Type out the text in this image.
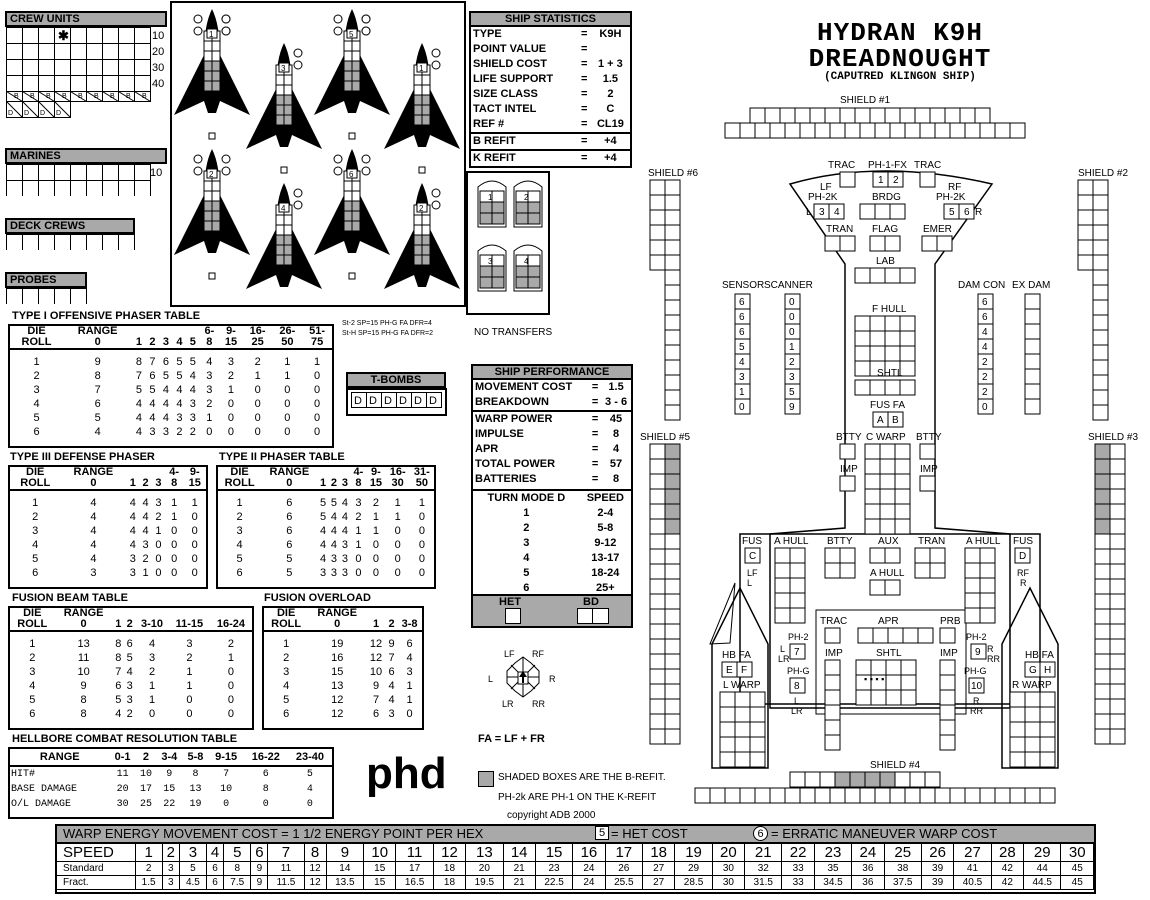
CREW UNITS
10
20
30
40
✱
B B B B B B B B B
D D D D
MARINES
10
DECK CREWS
PROBES
1
3
5
1
2
4
6
2
SHIP STATISTICS
TYPE	=	K9H
POINT VALUE	=	
SHIELD COST	=	1 + 3
LIFE SUPPORT	=	1.5
SIZE CLASS	=	2
TACT INTEL	=	C
REF #	=	CL19
B REFIT	=	+4
K REFIT	=	+4
1	2
3	4
St-2 SP=15 PH-G FA DFR=4
St-H SP=15 PH-G FA DFR=2	NO TRANSFERS
T-BOMBS
D D D D D D
TYPE I OFFENSIVE PHASER TABLE
DIE	RANGE						6-	9-	16-	26-	51-
ROLL	0	1	2	3	4	5	8	15	25	50	75

1	9	8	7	6	5	5	4	3	2	1	1
2	8	7	6	5	5	4	3	2	1	1	0
3	7	5	5	4	4	4	3	1	0	0	0
4	6	4	4	4	4	3	2	0	0	0	0
5	5	4	4	4	3	3	1	0	0	0	0
6	4	4	3	3	2	2	0	0	0	0	0
TYPE III DEFENSE PHASER
DIE	RANGE				4-	9-
ROLL	0	1	2	3	8	15

1	4	4	4	3	1	1
2	4	4	4	2	1	0
3	4	4	4	1	0	0
4	4	4	3	0	0	0
5	4	3	2	0	0	0
6	3	3	1	0	0	0
TYPE II PHASER TABLE
DIE	RANGE				4-	9-	16-	31-
ROLL	0	1	2	3	8	15	30	50

1	6	5	5	4	3	2	1	1
2	6	5	4	4	2	1	1	0
3	6	4	4	4	1	1	0	0
4	6	4	4	3	1	0	0	0
5	5	4	3	3	0	0	0	0
6	5	3	3	3	0	0	0	0
FUSION BEAM TABLE
DIE	RANGE					
ROLL	0	1	2	3-10	11-15	16-24

1	13	8	6	4	3	2
2	11	8	5	3	2	1
3	10	7	4	2	1	0
4	9	6	3	1	1	0
5	8	5	3	1	0	0
6	8	4	2	0	0	0
FUSION OVERLOAD
DIE	RANGE			
ROLL	0	1	2	3-8

1	19	12	9	6
2	16	12	7	4
3	15	10	6	3
4	13	9	4	1
5	12	7	4	1
6	12	6	3	0
HELLBORE COMBAT RESOLUTION TABLE
RANGE	0-1	2	3-4	5-8	9-15	16-22	23-40
HIT#	11	10	9	8	7	6	5
BASE DAMAGE	20	17	15	13	10	8	4
O/L DAMAGE	30	25	22	19	0	0	0
SHIP PERFORMANCE
MOVEMENT COST	=	1.5
BREAKDOWN	=	3 - 6
WARP POWER	=	45
IMPULSE	=	8
APR	=	4
TOTAL POWER	=	57
BATTERIES	=	8
TURN MODE D	SPEED
1	2-4
2	5-8
3	9-12
4	13-17
5	18-24
6	25+
HET	BD
LF RF
L	R
LR RR
FA = LF + FR
phd	SHADED BOXES ARE THE B-REFIT.
PH-2k ARE PH-1 ON THE K-REFIT
copyright ADB 2000
HYDRAN K9H
DREADNOUGHT
(CAPUTRED KLINGON SHIP)
SHIELD #1
SHIELD #6	SHIELD #2
SHIELD #5	SHIELD #3
SHIELD #4
TRAC PH-1-FX
1 2
TRAC
LF
PH-2K
L 3 4
RF
PH-2K
5 6 R
BRDG
TRAN FLAG EMER
LAB
SENSOR SCANNER
6	0
6	0
6	0
5	1
4	2
3	3
1	5
0	9
DAM CON EX DAM
6
6
4
4
2
2
2
0
F HULL
SHTL
FUS FA
A B
BTTY C WARP BTTY
IMP	IMP
FUS
C
LF
L
A HULL BTTY	AUX
A HULL
TRAN A HULL FUS
D
RF
R
TRAC	APR	PRB
IMP	IMP
SHTL
▪ ▪ ▪ ▪
PH-2
L
LR
7
PH-G
8
L
LR
PH-2
9 R
RR
PH-G
10
R
RR
HB FA
E F
L WARP
HB FA
G H
R WARP
WARP ENERGY MOVEMENT COST = 1 1/2 ENERGY POINT PER HEX	5 = HET COST	6 = ERRATIC MANEUVER WARP COST
SPEED	1	2	3	4	5	6	7	8	9	10	11	12	13	14	15	16	17	18	19	20	21	22	23	24	25	26	27	28	29	30
Standard	2	3	5	6	8	9	11	12	14	15	17	18	20	21	23	24	26	27	29	30	32	33	35	36	38	39	41	42	44	45
Fract.	1.5	3	4.5	6	7.5	9	11.5	12	13.5	15	16.5	18	19.5	21	22.5	24	25.5	27	28.5	30	31.5	33	34.5	36	37.5	39	40.5	42	44.5	45
